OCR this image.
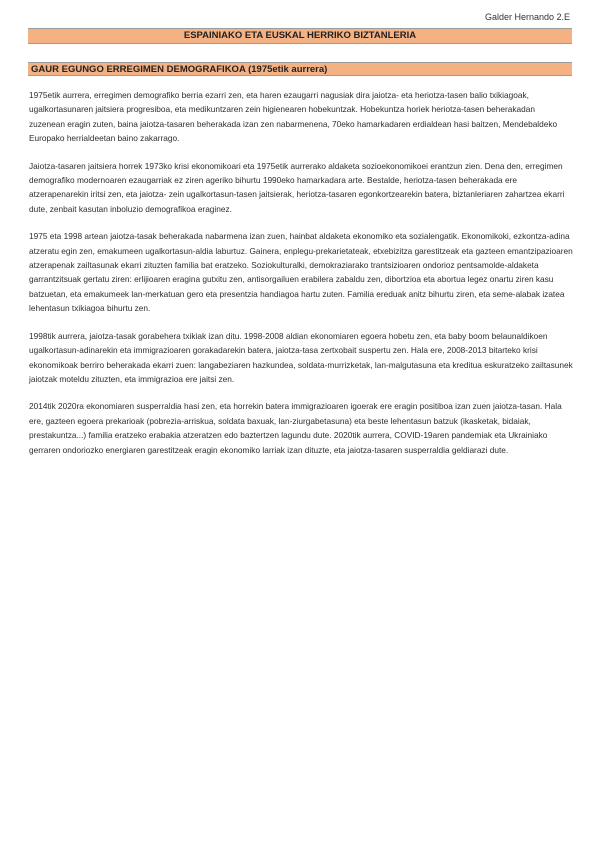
Galder Hernando 2.E
ESPAINIAKO ETA EUSKAL HERRIKO BIZTANLERIA
GAUR EGUNGO ERREGIMEN DEMOGRAFIKOA (1975etik aurrera)

1975etik aurrera, erregimen demografiko berria ezarri zen, eta haren ezaugarri nagusiak dira jaiotza- eta heriotza-tasen balio txikiagoak, ugalkortasunaren jaitsiera progresiboa, eta medikuntzaren zein higienearen hobekuntzak. Hobekuntza horiek heriotza-tasen beherakadan zuzenean eragin zuten, baina jaiotza-tasaren beherakada izan zen nabarmenena, 70eko hamarkadaren erdialdean hasi baitzen, Mendebaldeko Europako herrialdeetan baino zakarrago.

Jaiotza-tasaren jaitsiera horrek 1973ko krisi ekonomikoari eta 1975etik aurrerako aldaketa sozioekonomikoei erantzun zien. Dena den, erregimen demografiko modernoaren ezaugarriak ez ziren ageriko bihurtu 1990eko hamarkadara arte. Bestalde, heriotza-tasen beherakada ere atzerapenarekin iritsi zen, eta jaiotza- zein ugalkortasun-tasen jaitsierak, heriotza-tasaren egonkortzearekin batera, biztanleriaren zahartzea ekarri dute, zenbait kasutan inboluzio demografikoa eraginez.

1975 eta 1998 artean jaiotza-tasak beherakada nabarmena izan zuen, hainbat aldaketa ekonomiko eta sozialengatik. Ekonomikoki, ezkontza-adina atzeratu egin zen, emakumeen ugalkortasun-aldia laburtuz. Gainera, enplegu-prekarietateak, etxebizitza garestitzeak eta gazteen emantzipazioaren atzerapenak zailtasunak ekarri zituzten familia bat eratzeko. Soziokulturalki, demokraziarako trantsizioaren ondorioz pentsamolde-aldaketa garrantzitsuak gertatu ziren: erlijioaren eragina gutxitu zen, antisorgailuen erabilera zabaldu zen, dibortzioa eta abortua legez onartu ziren kasu batzuetan, eta emakumeek lan-merkatuan gero eta presentzia handiagoa hartu zuten. Familia ereduak anitz bihurtu ziren, eta seme-alabak izatea lehentasun txikiagoa bihurtu zen.

1998tik aurrera, jaiotza-tasak gorabehera txikiak izan ditu. 1998-2008 aldian ekonomiaren egoera hobetu zen, eta baby boom belaunaldikoen ugalkortasun-adinarekin eta immigrazioaren gorakadarekin batera, jaiotza-tasa zertxobait suspertu zen. Hala ere, 2008-2013 bitarteko krisi ekonomikoak berriro beherakada ekarri zuen: langabeziaren hazkundea, soldata-murrizketak, lan-malgutasuna eta kreditua eskuratzeko zailtasunek jaiotzak moteldu zituzten, eta immigrazioa ere jaitsi zen.

2014tik 2020ra ekonomiaren susperraldia hasi zen, eta horrekin batera immigrazioaren igoerak ere eragin positiboa izan zuen jaiotza-tasan. Hala ere, gazteen egoera prekarioak (pobrezia-arriskua, soldata baxuak, lan-ziurgabetasuna) eta beste lehentasun batzuk (ikasketak, bidaiak, prestakuntza...) familia eratzeko erabakia atzeratzen edo baztertzen lagundu dute. 2020tik aurrera, COVID-19aren pandemiak eta Ukrainiako gerraren ondoriozko energiaren garestitzeak eragin ekonomiko larriak izan dituzte, eta jaiotza-tasaren susperraldia geldiarazi dute.
